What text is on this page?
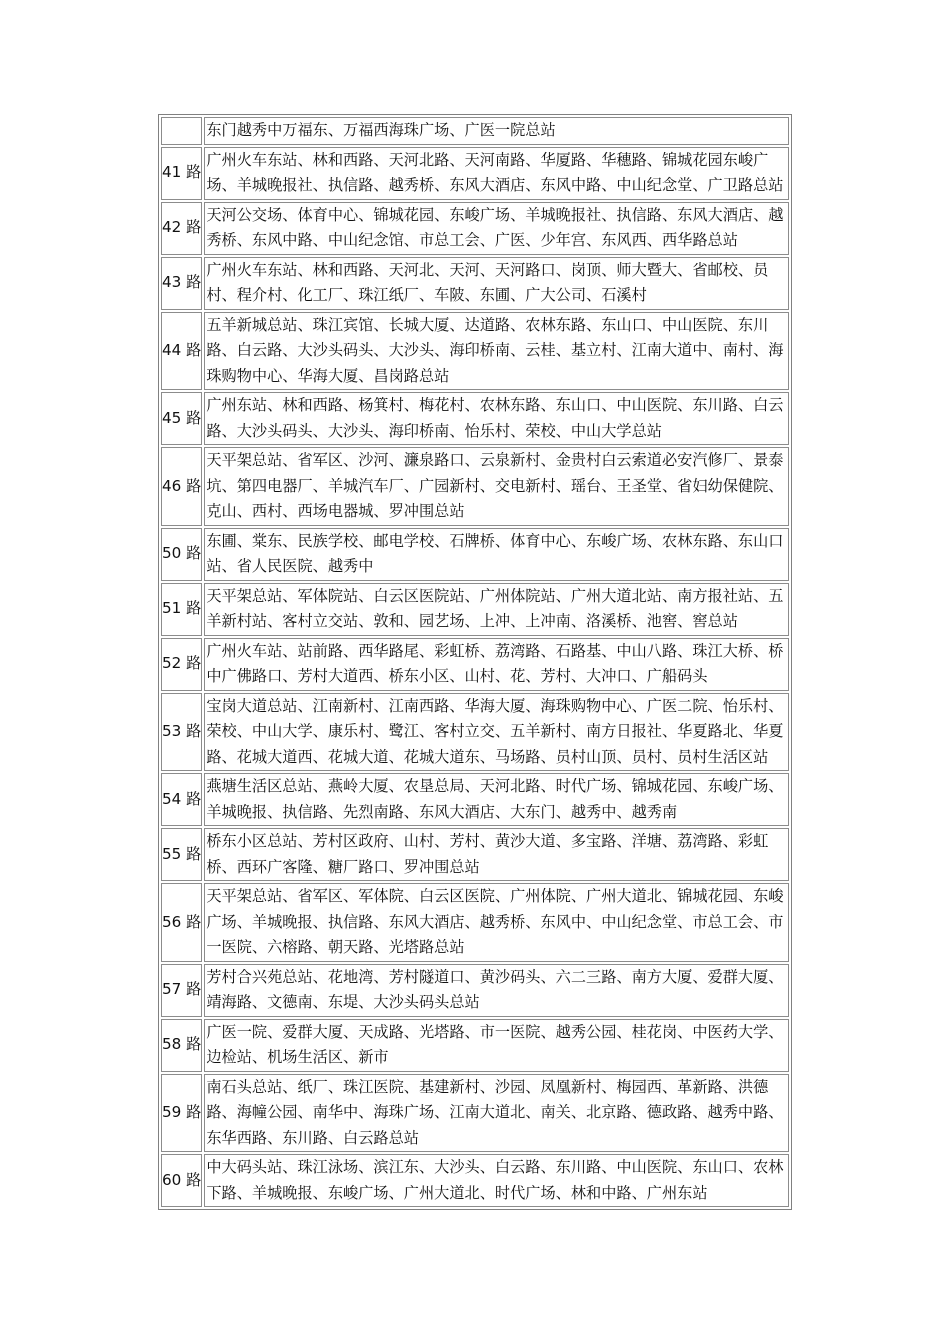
	东门越秀中万福东、万福西海珠广场、广医一院总站
41 路	广州火车东站、林和西路、天河北路、天河南路、华厦路、华穗路、锦城花园东峻广场、羊城晚报社、执信路、越秀桥、东风大酒店、东风中路、中山纪念堂、广卫路总站
42 路	天河公交场、体育中心、锦城花园、东峻广场、羊城晚报社、执信路、东风大酒店、越秀桥、东风中路、中山纪念馆、市总工会、广医、少年宫、东风西、西华路总站
43 路	广州火车东站、林和西路、天河北、天河、天河路口、岗顶、师大暨大、省邮校、员村、程介村、化工厂、珠江纸厂、车陂、东圃、广大公司、石溪村
44 路	五羊新城总站、珠江宾馆、长城大厦、达道路、农林东路、东山口、中山医院、东川路、白云路、大沙头码头、大沙头、海印桥南、云桂、基立村、江南大道中、南村、海珠购物中心、华海大厦、昌岗路总站
45 路	广州东站、林和西路、杨箕村、梅花村、农林东路、东山口、中山医院、东川路、白云路、大沙头码头、大沙头、海印桥南、怡乐村、荣校、中山大学总站
46 路	天平架总站、省军区、沙河、濂泉路口、云泉新村、金贵村白云索道必安汽修厂、景泰坑、第四电器厂、羊城汽车厂、广园新村、交电新村、瑶台、王圣堂、省妇幼保健院、克山、西村、西场电器城、罗冲围总站
50 路	东圃、棠东、民族学校、邮电学校、石牌桥、体育中心、东峻广场、农林东路、东山口站、省人民医院、越秀中
51 路	天平架总站、军体院站、白云区医院站、广州体院站、广州大道北站、南方报社站、五羊新村站、客村立交站、敦和、园艺场、上冲、上冲南、洛溪桥、池窖、窖总站
52 路	广州火车站、站前路、西华路尾、彩虹桥、荔湾路、石路基、中山八路、珠江大桥、桥中广佛路口、芳村大道西、桥东小区、山村、花、芳村、大冲口、广船码头
53 路	宝岗大道总站、江南新村、江南西路、华海大厦、海珠购物中心、广医二院、怡乐村、荣校、中山大学、康乐村、鹭江、客村立交、五羊新村、南方日报社、华夏路北、华夏路、花城大道西、花城大道、花城大道东、马场路、员村山顶、员村、员村生活区站
54 路	燕塘生活区总站、燕岭大厦、农垦总局、天河北路、时代广场、锦城花园、东峻广场、羊城晚报、执信路、先烈南路、东风大酒店、大东门、越秀中、越秀南
55 路	桥东小区总站、芳村区政府、山村、芳村、黄沙大道、多宝路、洋塘、荔湾路、彩虹桥、西环广客隆、糖厂路口、罗冲围总站
56 路	天平架总站、省军区、军体院、白云区医院、广州体院、广州大道北、锦城花园、东峻广场、羊城晚报、执信路、东风大酒店、越秀桥、东风中、中山纪念堂、市总工会、市一医院、六榕路、朝天路、光塔路总站
57 路	芳村合兴苑总站、花地湾、芳村隧道口、黄沙码头、六二三路、南方大厦、爱群大厦、靖海路、文德南、东堤、大沙头码头总站
58 路	广医一院、爱群大厦、天成路、光塔路、市一医院、越秀公园、桂花岗、中医药大学、边检站、机场生活区、新市
59 路	南石头总站、纸厂、珠江医院、基建新村、沙园、凤凰新村、梅园西、革新路、洪德路、海幢公园、南华中、海珠广场、江南大道北、南关、北京路、德政路、越秀中路、东华西路、东川路、白云路总站
60 路	中大码头站、珠江泳场、滨江东、大沙头、白云路、东川路、中山医院、东山口、农林下路、羊城晚报、东峻广场、广州大道北、时代广场、林和中路、广州东站
